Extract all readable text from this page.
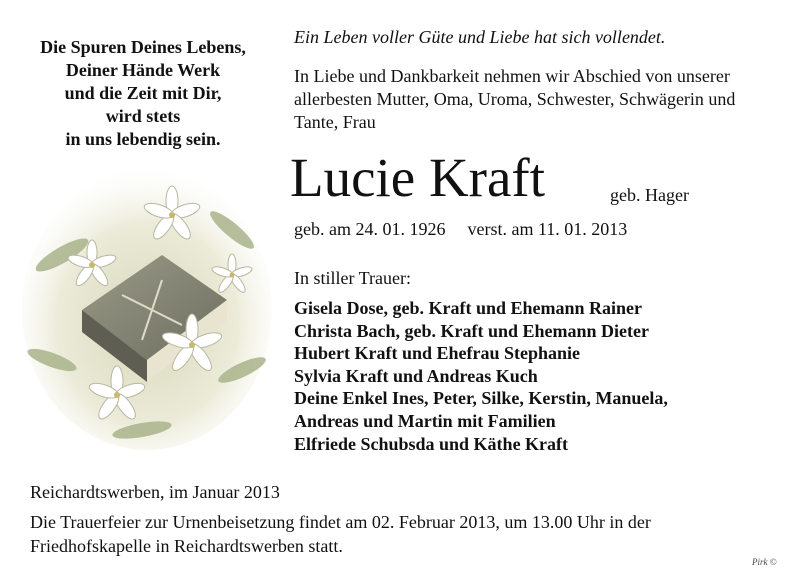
Die Spuren Deines Lebens,
Deiner Hände Werk
und die Zeit mit Dir,
wird stets
in uns lebendig sein.
Ein Leben voller Güte und Liebe hat sich vollendet.
In Liebe und Dankbarkeit nehmen wir Abschied von unserer
allerbesten Mutter, Oma, Uroma, Schwester, Schwägerin und
Tante, Frau
Lucie Kraft	geb. Hager
geb. am 24. 01. 1926 verst. am 11. 01. 2013
In stiller Trauer:
Gisela Dose, geb. Kraft und Ehemann Rainer
Christa Bach, geb. Kraft und Ehemann Dieter
Hubert Kraft und Ehefrau Stephanie
Sylvia Kraft und Andreas Kuch
Deine Enkel Ines, Peter, Silke, Kerstin, Manuela,
Andreas und Martin mit Familien
Elfriede Schubsda und Käthe Kraft
Reichardtswerben, im Januar 2013
Die Trauerfeier zur Urnenbeisetzung findet am 02. Februar 2013, um 13.00 Uhr in der
Friedhofskapelle in Reichardtswerben statt.
Pirk ©
